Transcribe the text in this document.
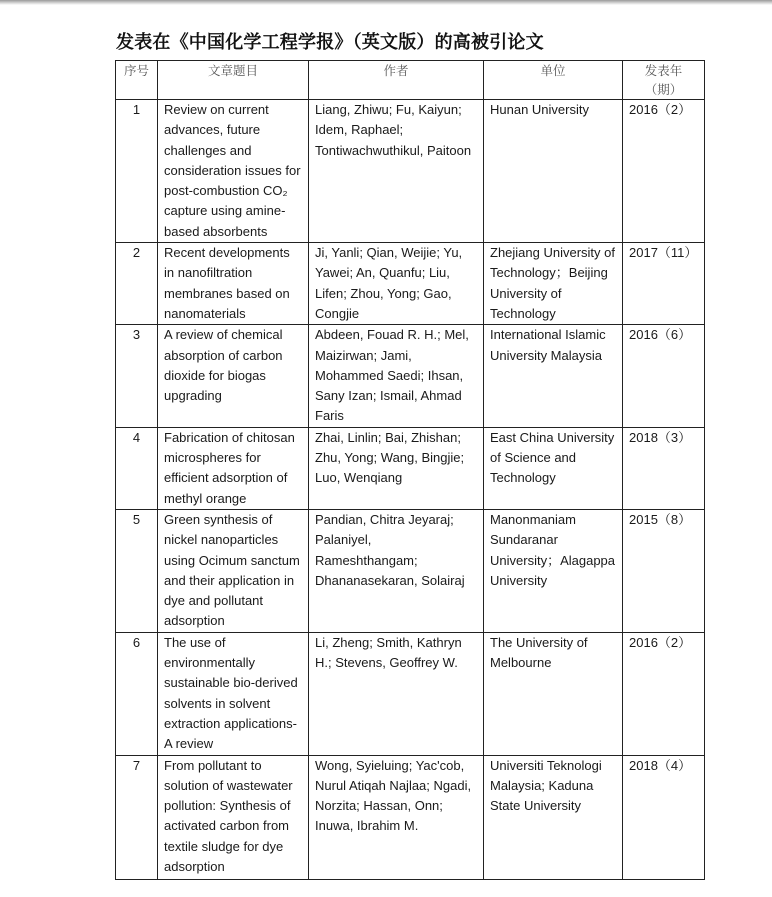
发表在《中国化学工程学报》（英文版）的高被引论文
序号	文章题目	作者	单位	发表年（期）
1	Review on current advances, future challenges and consideration issues for post-combustion CO₂ capture using amine-based absorbents	Liang, Zhiwu; Fu, Kaiyun; Idem, Raphael; Tontiwachwuthikul, Paitoon	Hunan University	2016（2）
2	Recent developments in nanofiltration membranes based on nanomaterials	Ji, Yanli; Qian, Weijie; Yu, Yawei; An, Quanfu; Liu, Lifen; Zhou, Yong; Gao, Congjie	Zhejiang University of Technology；Beijing University of Technology	2017（11）
3	A review of chemical absorption of carbon dioxide for biogas upgrading	Abdeen, Fouad R. H.; Mel, Maizirwan; Jami, Mohammed Saedi; Ihsan, Sany Izan; Ismail, Ahmad Faris	International Islamic University Malaysia	2016（6）
4	Fabrication of chitosan microspheres for efficient adsorption of methyl orange	Zhai, Linlin; Bai, Zhishan; Zhu, Yong; Wang, Bingjie; Luo, Wenqiang	East China University of Science and Technology	2018（3）
5	Green synthesis of nickel nanoparticles using Ocimum sanctum and their application in dye and pollutant adsorption	Pandian, Chitra Jeyaraj; Palaniyel, Rameshthangam; Dhananasekaran, Solairaj	Manonmaniam Sundaranar University；Alagappa University	2015（8）
6	The use of environmentally sustainable bio-derived solvents in solvent extraction applications-A review	Li, Zheng; Smith, Kathryn H.; Stevens, Geoffrey W.	The University of Melbourne	2016（2）
7	From pollutant to solution of wastewater pollution: Synthesis of activated carbon from textile sludge for dye adsorption	Wong, Syieluing; Yac'cob, Nurul Atiqah Najlaa; Ngadi, Norzita; Hassan, Onn; Inuwa, Ibrahim M.	Universiti Teknologi Malaysia; Kaduna State University	2018（4）
